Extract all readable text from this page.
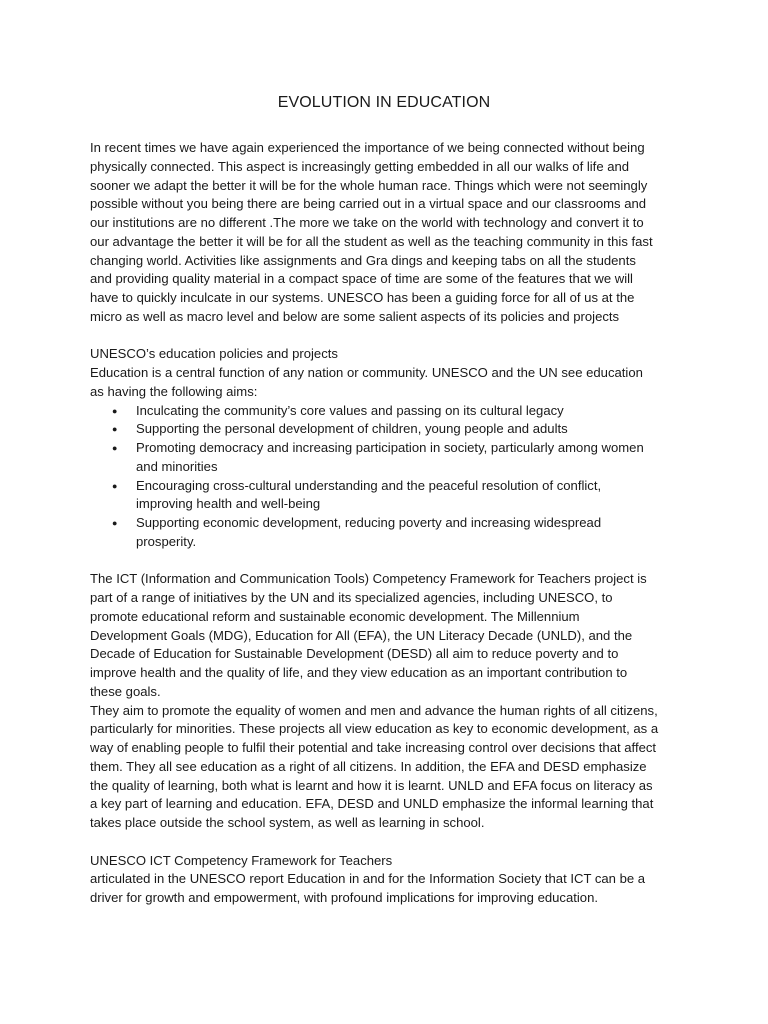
EVOLUTION IN EDUCATION

In recent times we have again experienced the importance of we being connected without being physically connected. This aspect is increasingly getting embedded in all our walks of life and sooner we adapt the better it will be for the whole human race. Things which were not seemingly possible without you being there are being carried out in a virtual space and our classrooms and our institutions are no different .The more we take on the world with technology and convert it to our advantage the better it will be for all the student as well as the teaching community in this fast changing world. Activities like assignments and Gra dings and keeping tabs on all the students and providing quality material in a compact space of time are some of the features that we will have to quickly inculcate in our systems. UNESCO has been a guiding force for all of us at the micro as well as macro level and below are some salient aspects of its policies and projects

UNESCO’s education policies and projects

Education is a central function of any nation or community. UNESCO and the UN see education as having the following aims:

● Inculcating the community’s core values and passing on its cultural legacy
● Supporting the personal development of children, young people and adults
● Promoting democracy and increasing participation in society, particularly among women and minorities
● Encouraging cross-cultural understanding and the peaceful resolution of conflict, improving health and well-being
● Supporting economic development, reducing poverty and increasing widespread prosperity.

The ICT (Information and Communication Tools) Competency Framework for Teachers project is part of a range of initiatives by the UN and its specialized agencies, including UNESCO, to promote educational reform and sustainable economic development. The Millennium Development Goals (MDG), Education for All (EFA), the UN Literacy Decade (UNLD), and the Decade of Education for Sustainable Development (DESD) all aim to reduce poverty and to improve health and the quality of life, and they view education as an important contribution to these goals.

They aim to promote the equality of women and men and advance the human rights of all citizens, particularly for minorities. These projects all view education as key to economic development, as a way of enabling people to fulfil their potential and take increasing control over decisions that affect them. They all see education as a right of all citizens. In addition, the EFA and DESD emphasize the quality of learning, both what is learnt and how it is learnt. UNLD and EFA focus on literacy as a key part of learning and education. EFA, DESD and UNLD emphasize the informal learning that takes place outside the school system, as well as learning in school.

UNESCO ICT Competency Framework for Teachers

articulated in the UNESCO report Education in and for the Information Society that ICT can be a driver for growth and empowerment, with profound implications for improving education.
